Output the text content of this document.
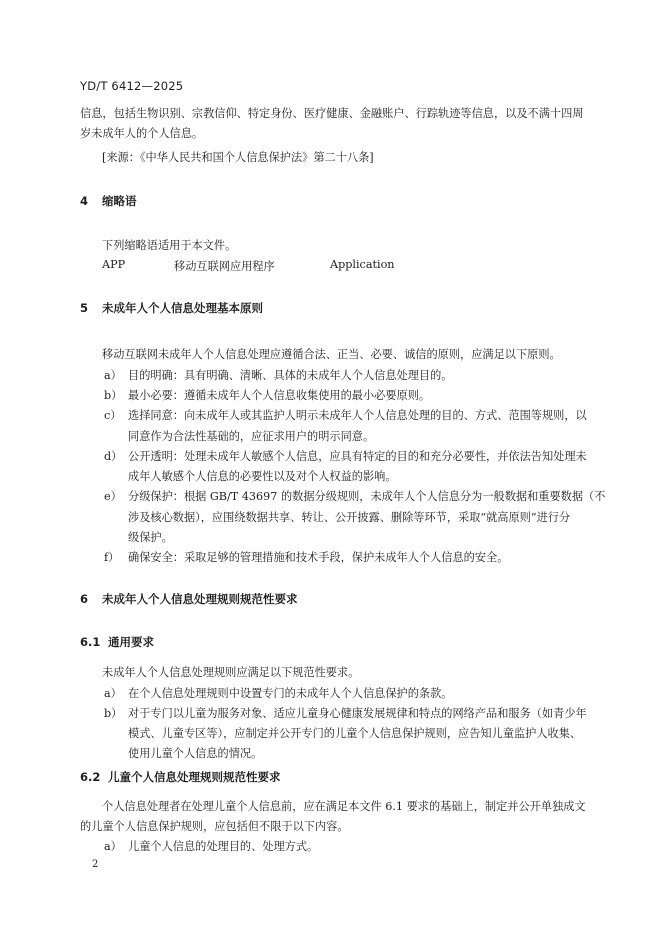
YD/T 6412—2025
信息，包括生物识别、宗教信仰、特定身份、医疗健康、金融账户、行踪轨迹等信息，以及不满十四周
岁未成年人的个人信息。
[来源：《中华人民共和国个人信息保护法》第二十八条]
4 缩略语
下列缩略语适用于本文件。
APP	移动互联网应用程序	Application
5 未成年人个人信息处理基本原则
移动互联网未成年人个人信息处理应遵循合法、正当、必要、诚信的原则，应满足以下原则。
a） 目的明确：具有明确、清晰、具体的未成年人个人信息处理目的。
b） 最小必要：遵循未成年人个人信息收集使用的最小必要原则。
c） 选择同意：向未成年人或其监护人明示未成年人个人信息处理的目的、方式、范围等规则，以
同意作为合法性基础的，应征求用户的明示同意。
d） 公开透明：处理未成年人敏感个人信息，应具有特定的目的和充分必要性，并依法告知处理未
成年人敏感个人信息的必要性以及对个人权益的影响。
e） 分级保护：根据 GB/T 43697 的数据分级规则，未成年人个人信息分为一般数据和重要数据（不
涉及核心数据），应围绕数据共享、转让、公开披露、删除等环节，采取“就高原则”进行分
级保护。
f） 确保安全：采取足够的管理措施和技术手段，保护未成年人个人信息的安全。
6 未成年人个人信息处理规则规范性要求
6.1 通用要求
未成年人个人信息处理规则应满足以下规范性要求。
a） 在个人信息处理规则中设置专门的未成年人个人信息保护的条款。
b） 对于专门以儿童为服务对象、适应儿童身心健康发展规律和特点的网络产品和服务（如青少年
模式、儿童专区等），应制定并公开专门的儿童个人信息保护规则，应告知儿童监护人收集、
使用儿童个人信息的情况。
6.2 儿童个人信息处理规则规范性要求
个人信息处理者在处理儿童个人信息前，应在满足本文件 6.1 要求的基础上，制定并公开单独成文
的儿童个人信息保护规则，应包括但不限于以下内容。
a） 儿童个人信息的处理目的、处理方式。
2
